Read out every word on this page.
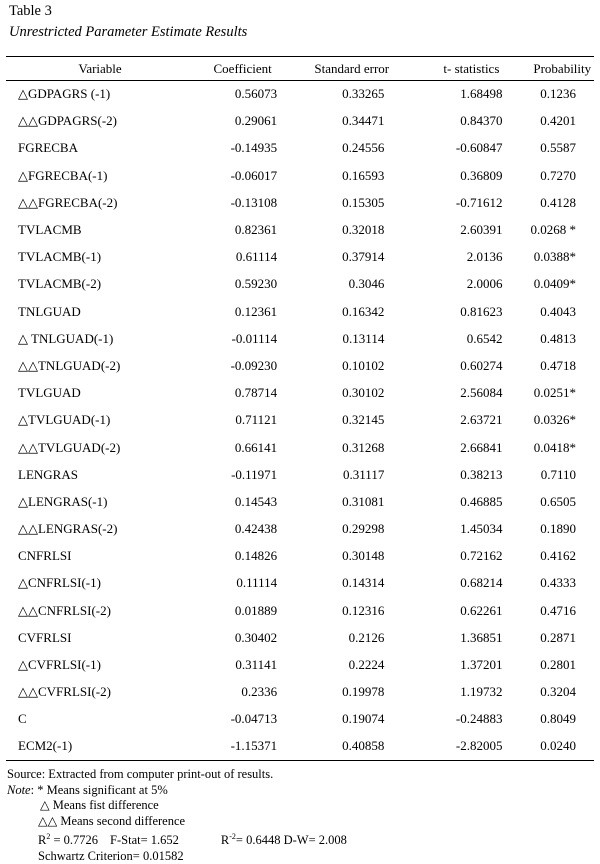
Table 3
Unrestricted Parameter Estimate Results
Variable	Coefficient	Standard error	t- statistics	Probability
△GDPAGRS (-1)	0.56073	0.33265	1.68498	0.1236
△△GDPAGRS(-2)	0.29061	0.34471	0.84370	0.4201
FGRECBA	-0.14935	0.24556	-0.60847	0.5587
△FGRECBA(-1)	-0.06017	0.16593	0.36809	0.7270
△△FGRECBA(-2)	-0.13108	0.15305	-0.71612	0.4128
TVLACMB	0.82361	0.32018	2.60391	0.0268 *
TVLACMB(-1)	0.61114	0.37914	2.0136	0.0388*
TVLACMB(-2)	0.59230	0.3046	2.0006	0.0409*
TNLGUAD	0.12361	0.16342	0.81623	0.4043
△ TNLGUAD(-1)	-0.01114	0.13114	0.6542	0.4813
△△TNLGUAD(-2)	-0.09230	0.10102	0.60274	0.4718
TVLGUAD	0.78714	0.30102	2.56084	0.0251*
△TVLGUAD(-1)	0.71121	0.32145	2.63721	0.0326*
△△TVLGUAD(-2)	0.66141	0.31268	2.66841	0.0418*
LENGRAS	-0.11971	0.31117	0.38213	0.7110
△LENGRAS(-1)	0.14543	0.31081	0.46885	0.6505
△△LENGRAS(-2)	0.42438	0.29298	1.45034	0.1890
CNFRLSI	0.14826	0.30148	0.72162	0.4162
△CNFRLSI(-1)	0.11114	0.14314	0.68214	0.4333
△△CNFRLSI(-2)	0.01889	0.12316	0.62261	0.4716
CVFRLSI	0.30402	0.2126	1.36851	0.2871
△CVFRLSI(-1)	0.31141	0.2224	1.37201	0.2801
△△CVFRLSI(-2)	0.2336	0.19978	1.19732	0.3204
C	-0.04713	0.19074	-0.24883	0.8049
ECM2(-1)	-1.15371	0.40858	-2.82005	0.0240
Source: Extracted from computer print-out of results.
Note: * Means significant at 5%
△ Means fist difference
△△ Means second difference
$R^2 = 0.7726$ F-Stat= 1.652	$R^{-2}= 0.6448$ D-W= 2.008
Schwartz Criterion= 0.01582
